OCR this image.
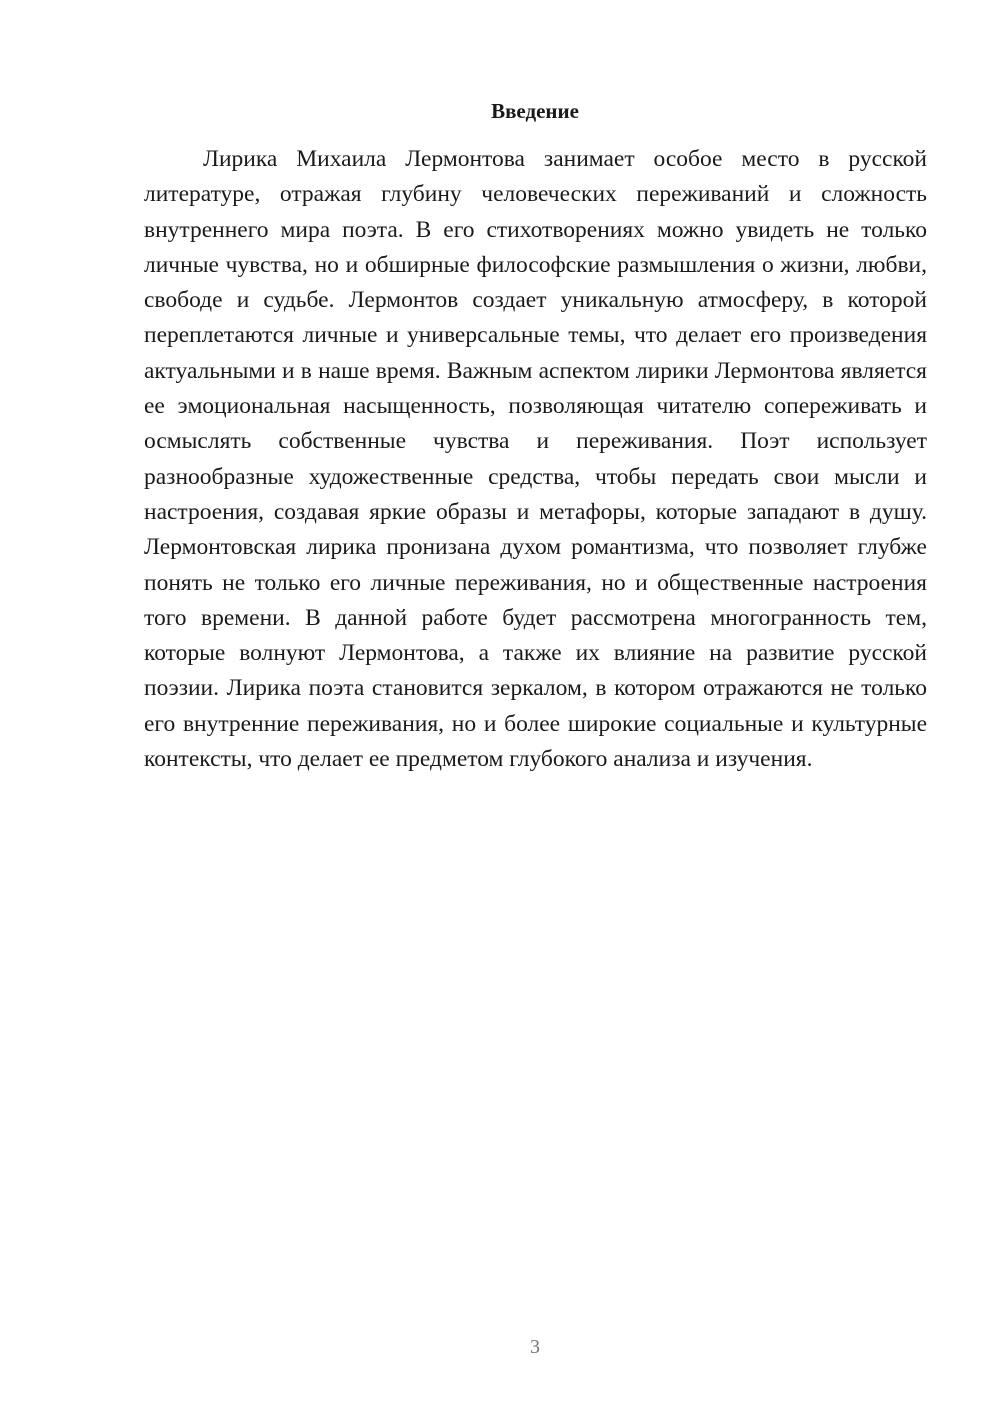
Введение

Лирика Михаила Лермонтова занимает особое место в русской литературе, отражая глубину человеческих переживаний и сложность внутреннего мира поэта. В его стихотворениях можно увидеть не только личные чувства, но и обширные философские размышления о жизни, любви, свободе и судьбе. Лермонтов создает уникальную атмосферу, в которой переплетаются личные и универсальные темы, что делает его произведения актуальными и в наше время. Важным аспектом лирики Лермонтова является ее эмоциональная насыщенность, позволяющая читателю сопереживать и осмыслять собственные чувства и переживания. Поэт использует разнообразные художественные средства, чтобы передать свои мысли и настроения, создавая яркие образы и метафоры, которые западают в душу. Лермонтовская лирика пронизана духом романтизма, что позволяет глубже понять не только его личные переживания, но и общественные настроения того времени. В данной работе будет рассмотрена многогранность тем, которые волнуют Лермонтова, а также их влияние на развитие русской поэзии. Лирика поэта становится зеркалом, в котором отражаются не только его внутренние переживания, но и более широкие социальные и культурные контексты, что делает ее предметом глубокого анализа и изучения.

3
